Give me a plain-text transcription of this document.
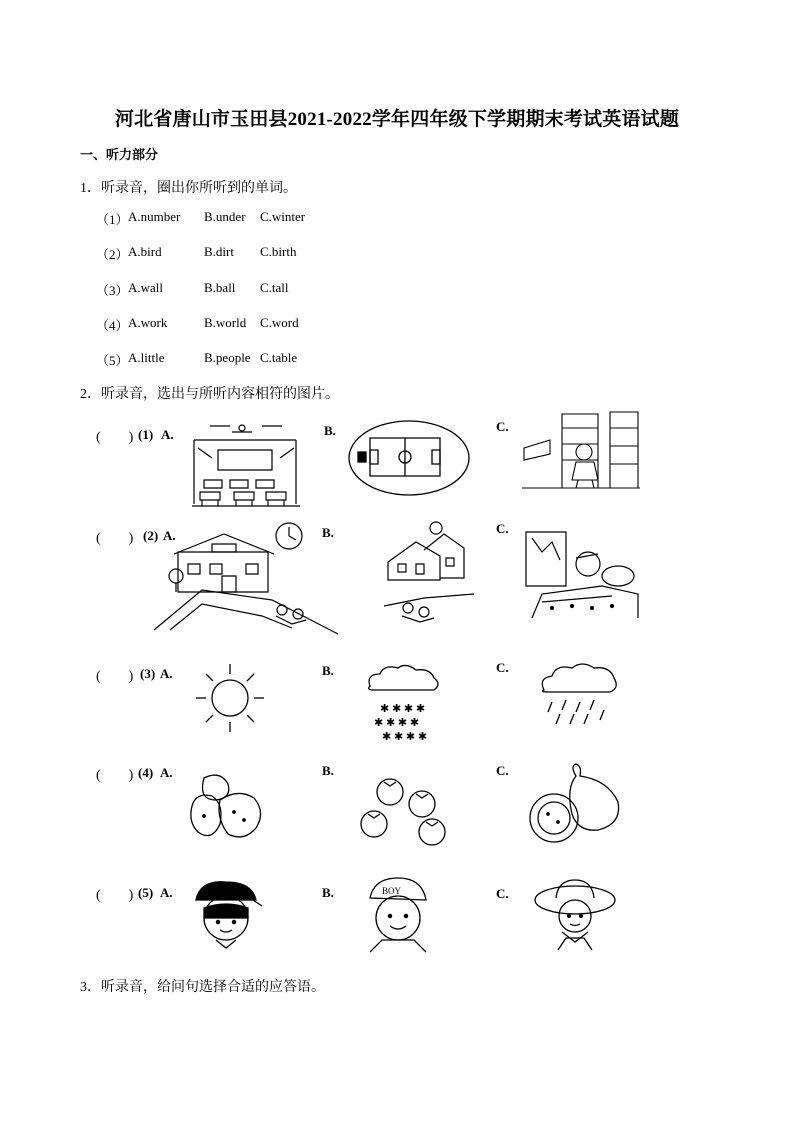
河北省唐山市玉田县2021-2022学年四年级下学期期末考试英语试题
一、听力部分
1．听录音，圈出你所听到的单词。
（1） A.number B.under C.winter
（2） A.bird	B.dirt C.birth
（3） A.wall	B.ball C.tall
（4） A.work	B.world C.word
（5） A.little	B.people C.table
2．听录音，选出与所听内容相符的图片。
(　　) (1) A.	B.	C.
(　　) (2) A.	B.	C.
(　　) (3) A.	B.	C.
(　　) (4) A.	B.	C.
(　　) (5) A.	B.	C.
✱ ✱ ✱ ✱
✱ ✱ ✱ ✱
✱ ✱ ✱ ✱
BOY
3．听录音，给问句选择合适的应答语。
